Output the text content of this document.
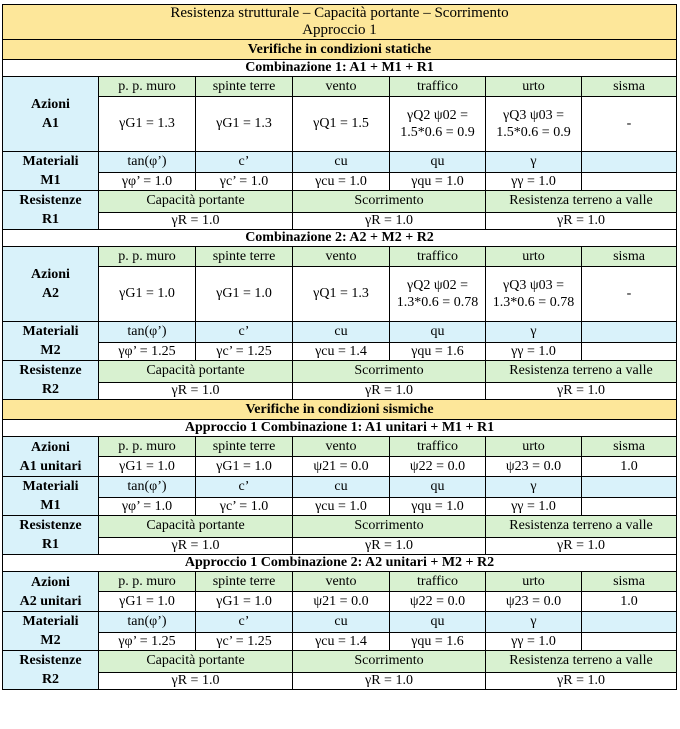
Resistenza strutturale – Capacità portante – Scorrimento
Approccio 1						

Verifiche in condizioni statiche						
Combinazione 1: A1 + M1 + R1						

Azioni
A1	p. p. muro	spinte terre	vento	traffico	urto	sisma
	γG1 = 1.3	γG1 = 1.3	γQ1 = 1.5	γQ2 ψ02 = 1.5*0.6 = 0.9	γQ3 ψ03 = 1.5*0.6 = 0.9	-

Materiali
M1	tan(φ’)	c’	cu	qu	γ	
	γφ’ = 1.0	γc’ = 1.0	γcu = 1.0	γqu = 1.0	γγ = 1.0	

Resistenze
R1	Capacità portante		Scorrimento		Resistenza terreno a valle	
	γR = 1.0		γR = 1.0		γR = 1.0	
Combinazione 2: A2 + M2 + R2						

Azioni
A2	p. p. muro	spinte terre	vento	traffico	urto	sisma
	γG1 = 1.0	γG1 = 1.0	γQ1 = 1.3	γQ2 ψ02 = 1.3*0.6 = 0.78	γQ3 ψ03 = 1.3*0.6 = 0.78	-

Materiali
M2	tan(φ’)	c’	cu	qu	γ	
	γφ’ = 1.25	γc’ = 1.25	γcu = 1.4	γqu = 1.6	γγ = 1.0	

Resistenze
R2	Capacità portante		Scorrimento		Resistenza terreno a valle	
	γR = 1.0		γR = 1.0		γR = 1.0	
Verifiche in condizioni sismiche						
Approccio 1 Combinazione 1: A1 unitari + M1 + R1						

Azioni
A1 unitari	p. p. muro	spinte terre	vento	traffico	urto	sisma
	γG1 = 1.0	γG1 = 1.0	ψ21 = 0.0	ψ22 = 0.0	ψ23 = 0.0	1.0

Materiali
M1	tan(φ’)	c’	cu	qu	γ	
	γφ’ = 1.0	γc’ = 1.0	γcu = 1.0	γqu = 1.0	γγ = 1.0	

Resistenze
R1	Capacità portante		Scorrimento		Resistenza terreno a valle	
	γR = 1.0		γR = 1.0		γR = 1.0	
Approccio 1 Combinazione 2: A2 unitari + M2 + R2						

Azioni
A2 unitari	p. p. muro	spinte terre	vento	traffico	urto	sisma
	γG1 = 1.0	γG1 = 1.0	ψ21 = 0.0	ψ22 = 0.0	ψ23 = 0.0	1.0

Materiali
M2	tan(φ’)	c’	cu	qu	γ	
	γφ’ = 1.25	γc’ = 1.25	γcu = 1.4	γqu = 1.6	γγ = 1.0	

Resistenze
R2	Capacità portante		Scorrimento		Resistenza terreno a valle	
	γR = 1.0		γR = 1.0		γR = 1.0	
